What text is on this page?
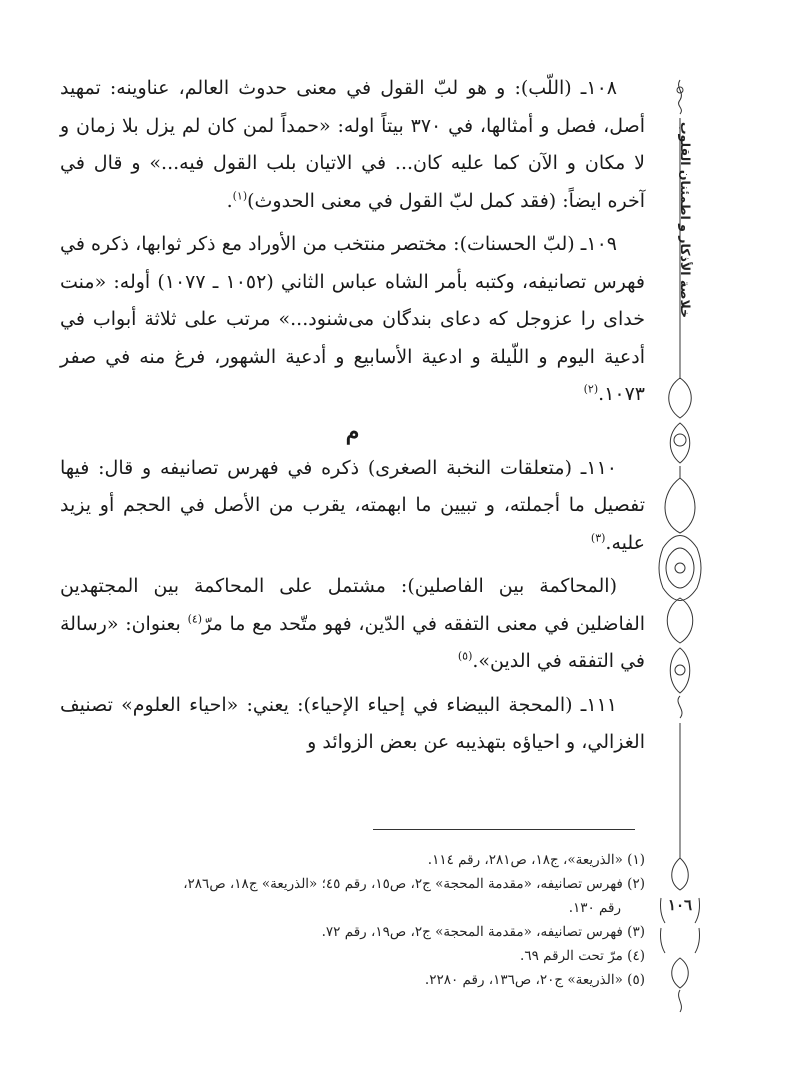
خلاصة الأذكار و اطمئنان القلوب
١٠٦

١٠٨ـ (اللّب): و هو لبّ القول في معنى حدوث العالم، عناوينه: تمهيد أصل، فصل و أمثالها، في ٣٧٠ بيتاً اوله: «حمداً لمن كان لم يزل بلا زمان و لا مكان و الآن كما عليه كان... في الاتيان بلب القول فيه...» و قال في آخره ايضاً: (فقد كمل لبّ القول في معنى الحدوث)$^{(١)}$.

١٠٩ـ (لبّ الحسنات): مختصر منتخب من الأوراد مع ذكر ثوابها، ذكره في فهرس تصانيفه، وكتبه بأمر الشاه عباس الثاني (١٠٥٢ ـ ١٠٧٧) أوله: «منت خداى را عزوجل كه دعاى بندگان مى‌شنود...» مرتب على ثلاثة أبواب في أدعية اليوم و اللّيلة و ادعية الأسابيع و أدعية الشهور، فرغ منه في صفر ١٠٧٣.$^{(٢)}$

م

١١٠ـ (متعلقات النخبة الصغرى) ذكره في فهرس تصانيفه و قال: فيها تفصيل ما أجملته، و تبيين ما ابهمته، يقرب من الأصل في الحجم أو يزيد عليه.$^{(٣)}$

(المحاكمة بين الفاصلين): مشتمل على المحاكمة بين المجتهدين الفاضلين في معنى التفقه في الدّين، فهو متّحد مع ما مرّ$^{(٤)}$ بعنوان: «رسالة في التفقه في الدين».$^{(٥)}$

١١١ـ (المحجة البيضاء في إحياء الإحياء): يعني: «احياء العلوم» تصنيف الغزالي، و احياؤه بتهذيبه عن بعض الزوائد و

(١) «الذريعة»، ج١٨، ص٢٨١، رقم ١١٤.

(٢) فهرس تصانيفه، «مقدمة المحجة» ج٢، ص١٥، رقم ٤٥؛ «الذريعة» ج١٨، ص٢٨٦،

رقم ١٣٠.

(٣) فهرس تصانيفه، «مقدمة المحجة» ج٢، ص١٩، رقم ٧٢.

(٤) مرّ تحت الرقم ٦٩.

(٥) «الذريعة» ج٢٠، ص١٣٦، رقم ٢٢٨٠.
